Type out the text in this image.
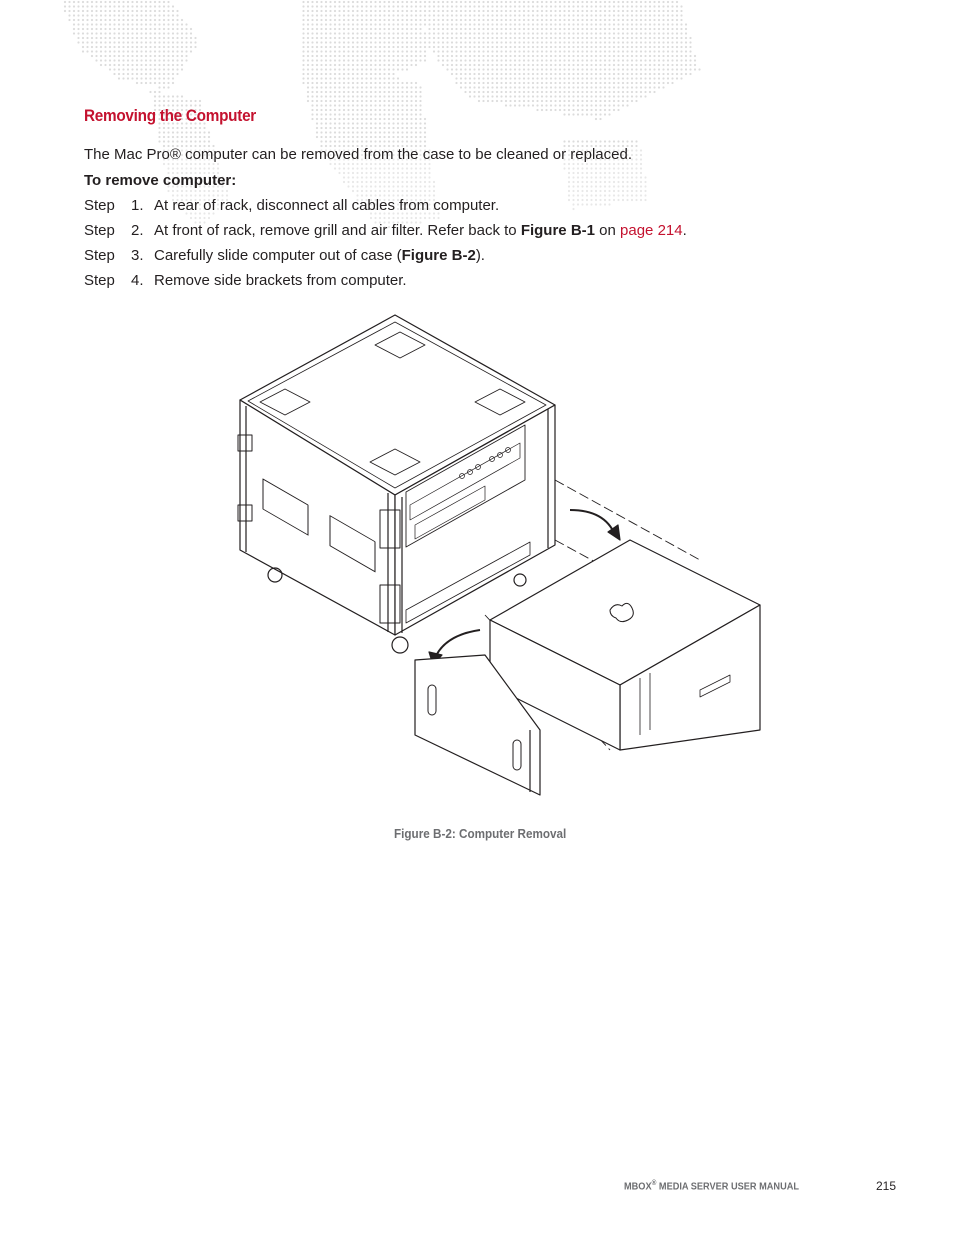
Removing the Computer
The Mac Pro® computer can be removed from the case to be cleaned or replaced.
To remove computer:
Step 1. At rear of rack, disconnect all cables from computer.
Step 2. At front of rack, remove grill and air filter. Refer back to Figure B-1 on page 214.
Step 3. Carefully slide computer out of case (Figure B-2).
Step 4. Remove side brackets from computer.
Figure B-2: Computer Removal
MBOX® MEDIA SERVER USER MANUAL	215
